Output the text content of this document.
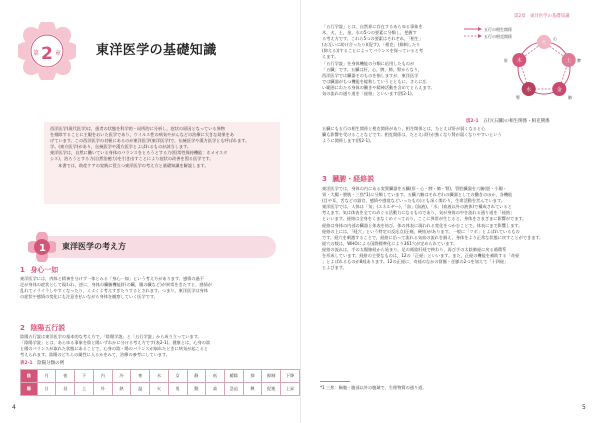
第 2 章	東洋医学の基礎知識
西洋医学(現代医学)は，患者の状態を科学的・局所的に分析し，症状の原因となっている異物
を排除することに主眼をおいた医学であり，ウイルス性の病気やがんなどの治療に大きな効果をあ
げています。この西洋医学の対極にあるのが東洋医学(東洋医学)で，伝統医学や漢方医学とも呼ばれます。
学。(東方医学)があり，伝統医学や漢方医学とよばれるものが該当します。
東洋医学は，自然に働いている身体のバランスをとろうとする力(恒常性保持機能：ホメオスタ
シス)，治ろうとする力(自然治癒力)を引き出すことにより症状の改善を図る医学です。
本書では，助産ケアの実践に役立つ東洋医学の考え方と基礎知識を解説します。
1 東洋医学の考え方
1 身心一如
東洋医学には，肉体と精神を分けず一体とみる「身心一如」という考え方があります。感情の過不
足が身体の症状として現われ，逆に，身体の臓腑機能(肝の臓，腸の臓など)が異常をきたすと，感情が
乱れてイライラしやすくなったり，くよくよ考えすぎたりするとされます。つまり，東洋医学は身体
の症状や感情の変化にも注意を払いながら身体を観察していく医学です。
2 陰陽五行説
陰陽五行説は東洋医学の基本的な考え方で，「陰陽学説」と「五行学説」から成り立っています。
「陰陽学説」とは，あらゆる事象を陰と陽いずれかに分ける考え方です(表2-1)。健康とは，心身の陰
と陽のバランスが取れた状態にあることで，心身の陰・陽のバランスが崩れたときに病気が起こると
考えられます。陰陽のどちらの属性に入るかをみて，治療の参考にしています。
表2-1 陰陽分類の例
陰	月	夜	下	内	冷	寒	水	女	静	低	緩除	抑	抑制	下降
陽	日	昼	上	外	熱	温	火	男	動	高	急迫	興	促進	上昇
4
第2章　東洋医学の基礎知識
「五行学説」とは，自然界に存在するあらゆる事象を
木，火，土，金，水の5つの要素に分類し，把握す
る考え方です。これら5つの要素はそれぞれ，「相生」
(お互いに助け合ったり)(促す)，「相克」(抑制したり
(抑える))することによってバランスを保っていると考
えます。
「五行学説」を身体機能の分類に応用したものが
「五臓」です。五臓は肝，心，脾，肺，腎からなり，
西洋医学では臓器そのものを指しますが，東洋医学
では臓器がもつ機能を総称していうとともに，さらに広
い範囲にわたる身体の働きや精神活動を含めてとらえます。
気の流れの通り道を「経絡」といいます(図2-1)。
五臓にも五行の相生関係と相克関係があり，相生関係とは，たとえば肝が弱くなると心
臓も影響を受けることなどです。相克関係は，たとえば肝が強くなり腎が弱くなりやすいという
ように関係します(図2-1)。
五行の相生関係
五行の相克関係
木
火
土
金
水
肝
心
脾
肺
腎
図2-1 五行(五臓)の相生関係・相克関係
3 臓腑・経絡説
東洋医学では，身体の内にある実質臓器を五臓(肝・心・脾・肺・腎)，管腔臓器を六腑(胆・小腸・
胃・大腸・膀胱・三焦*1)に分類しています。五臓六腑はそれぞれの臓器としての働きのほか，各機能
(目や耳，舌などの器官，感情や感覚などいったもの)とも深く関わり，生命活動を営んでいます。
東洋医学では，人体は「気」(エネルギー)，「血」(血液)，「水」(血液以外の液体)で構成されていると
考えます。気は体表を全てのめぐる活動力になるものであり，気が身体の中を流れる通り道を「経絡」
といいます。経絡は全身をくまなくめぐっており，ここに異常が生じると，身体をさまざまに影響がでます。
経絡は身体の内部の臓器と体表を結び，体の体表に現われる変化をつかむことで，体表にまで影響します。
経絡の上には，「経穴」という特定の反応点(圧痛，硬結)があります。一般に「ツボ」とよばれているもの
です。経穴を刺激することで，経絡に沿って流れる気血の流れを調え，身体をより正常な状態に戻すことができます。
経穴の数は，WHOによる国際標準化により361穴が定められています。
経絡の流れは，手の太陽肺経から始まり，足の厥陰肝経で終わり，再び手の太陰肺経に戻る循環系
を形成しています。経絡の主要なものは，12の「正経」といいます。また，正経の機能を補助する「奇経
」とよばれるものが8経あります。12の正経に，奇経のなかの督脈・任脈の2つを加えて「十四経」
とよびます。
*1 三焦：胸腹・腹部以外の腹域で，生理物質の通り道。
5
